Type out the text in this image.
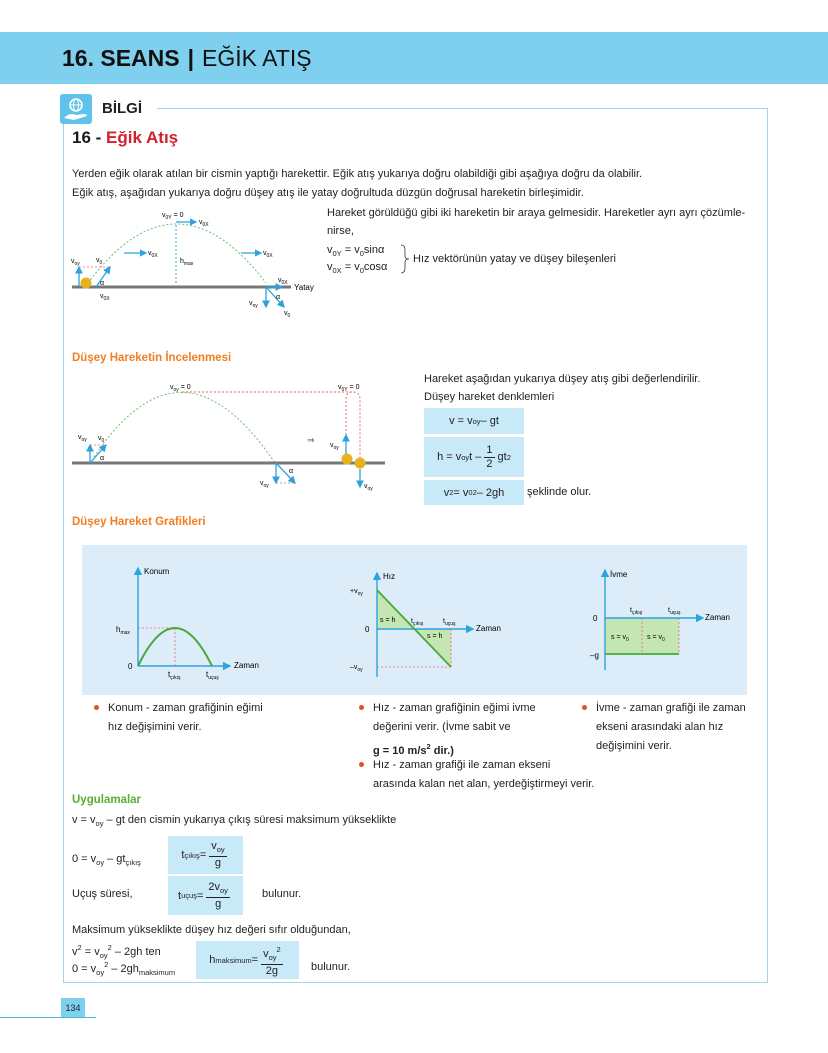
16. SEANS | EĞİK ATIŞ
BİLGİ
16 - Eğik Atış
Yerden eğik olarak atılan bir cismin yaptığı harekettir. Eğik atış yukarıya doğru olabildiği gibi aşağıya doğru da olabilir.
Eğik atış, aşağıdan yukarıya doğru düşey atış ile yatay doğrultuda düzgün doğrusal hareketin birleşimidir.
Yatay
$v_{oy}$ $v_0$
α
$v_{0X}$
$v_{0X}$
$h_{max}$
$v_{0Y} = 0$
$v_{0X}$
$v_{0X}$
$v_{0X}$
α
$v_{oy}$
$v_0$
Hareket görüldüğü gibi iki hareketin bir araya gelmesidir. Hareketler ayrı ayrı çözümle-
nirse,
$v_{0Y} = v_0\sin\alpha$
$v_{0X} = v_0\cos\alpha$
Hız vektörünün yatay ve düşey bileşenleri
Düşey Hareketin İncelenmesi
$v_{oy}$ $v_0$
α
$v_{oy} = 0$	$v_{0Y} = 0$
α
$v_{oy}$
⇒
$v_{oy}$
$v_{oy}$
Hareket aşağıdan yukarıya düşey atış gibi değerlendirilir.
Düşey hareket denklemleri
v = v oy – gt
h = v oy t – $\frac{1}{2}$ gt 2
v 2 = v 0 2 – 2gh	şeklinde olur.
Düşey Hareket Grafikleri
Konum
Zaman
0
$h_{max}$
$t_{çıkış}$	$t_{uçuş}$
Hız
Zaman
$+v_{oy}$
0
$-v_{oy}$
s = h
s = h
$t_{çıkış}$	$t_{uçuş}$
İvme
Zaman
0
–g
$s = v_0$	$s = v_0$
$t_{çıkış}$	$t_{uçuş}$
Konum - zaman grafiğinin eğimi
hız değişimini verir.
Hız - zaman grafiğinin eğimi ivme
değerini verir. (İvme sabit ve
g = 10 $m/s^2$ dir.)
Hız - zaman grafiği ile zaman ekseni
arasında kalan net alan, yerdeğiştirmeyi verir.
İvme - zaman grafiği ile zaman
ekseni arasındaki alan hız
değişimini verir.
Uygulamalar
$v = v_{oy}$ – gt den cismin yukarıya çıkış süresi maksimum yükseklikte
$0 = v_{oy} - gt_{çıkış}$
t çıkış = $\frac{v_{oy}}{g}$
Uçuş süresi,	t uçuş = $\frac{2v_{oy}}{g}$	bulunur.
Maksimum yükseklikte düşey hız değeri sıfır olduğundan,
$v^2 = v_{oy}^2 - 2gh$ ten
$0 = v_{oy}^2 - 2gh_{maksimum}$
h maksimum = $\frac{v_{oy}^2}{2g}$	bulunur.
134
